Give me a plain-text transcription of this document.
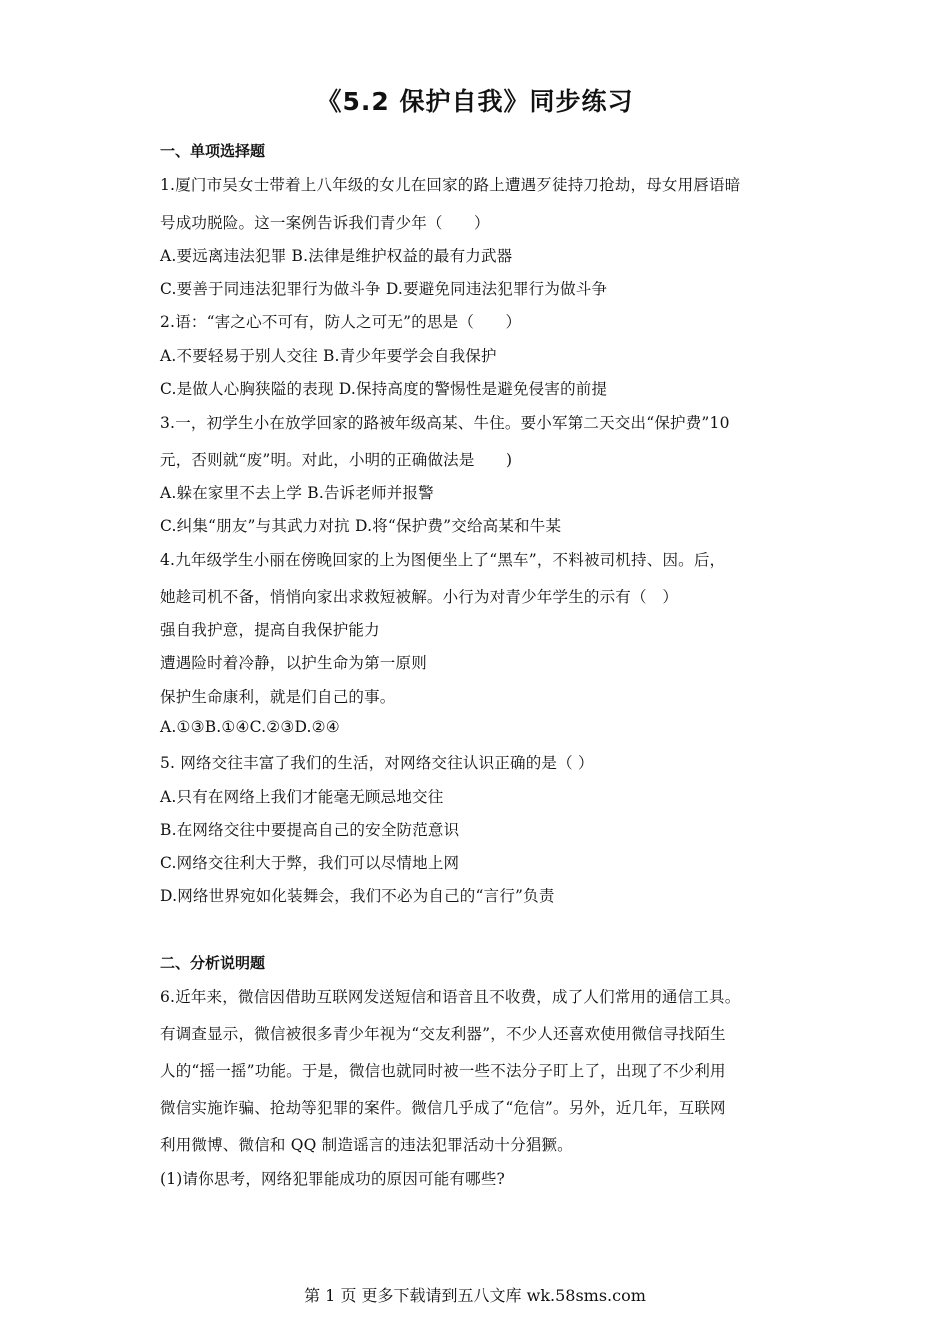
《5.2 保护自我》同步练习
一、单项选择题
1.厦门市吴女士带着上八年级的女儿在回家的路上遭遇歹徒持刀抢劫，母女用唇语暗
号成功脱险。这一案例告诉我们青少年（　　）
A.要远离违法犯罪 B.法律是维护权益的最有力武器
C.要善于同违法犯罪行为做斗争 D.要避免同违法犯罪行为做斗争
2.语：“害之心不可有，防人之可无”的思是（　　）
A.不要轻易于别人交往 B.青少年要学会自我保护
C.是做人心胸狭隘的表现 D.保持高度的警惕性是避免侵害的前提
3.一，初学生小在放学回家的路被年级高某、牛住。要小军第二天交出“保护费”10
元，否则就“废”明。对此，小明的正确做法是　　)
A.躲在家里不去上学 B.告诉老师并报警
C.纠集“朋友”与其武力对抗 D.将“保护费”交给高某和牛某
4.九年级学生小丽在傍晚回家的上为图便坐上了“黑车”，不料被司机持、因。后，
她趁司机不备，悄悄向家出求救短被解。小行为对青少年学生的示有（　）
强自我护意，提高自我保护能力
遭遇险时着冷静，以护生命为第一原则
保护生命康利，就是们自己的事。
A.①③B.①④C.②③D.②④
5. 网络交往丰富了我们的生活，对网络交往认识正确的是（ ）
A.只有在网络上我们才能毫无顾忌地交往
B.在网络交往中要提高自己的安全防范意识
C.网络交往利大于弊，我们可以尽情地上网
D.网络世界宛如化装舞会，我们不必为自己的“言行”负责
二、分析说明题
6.近年来，微信因借助互联网发送短信和语音且不收费，成了人们常用的通信工具。
有调查显示，微信被很多青少年视为“交友利器”，不少人还喜欢使用微信寻找陌生
人的“摇一摇”功能。于是，微信也就同时被一些不法分子盯上了，出现了不少利用
微信实施诈骗、抢劫等犯罪的案件。微信几乎成了“危信”。另外，近几年，互联网
利用微博、微信和 QQ 制造谣言的违法犯罪活动十分猖獗。
(1)请你思考，网络犯罪能成功的原因可能有哪些?
第 1 页 更多下载请到五八文库 wk.58sms.com
